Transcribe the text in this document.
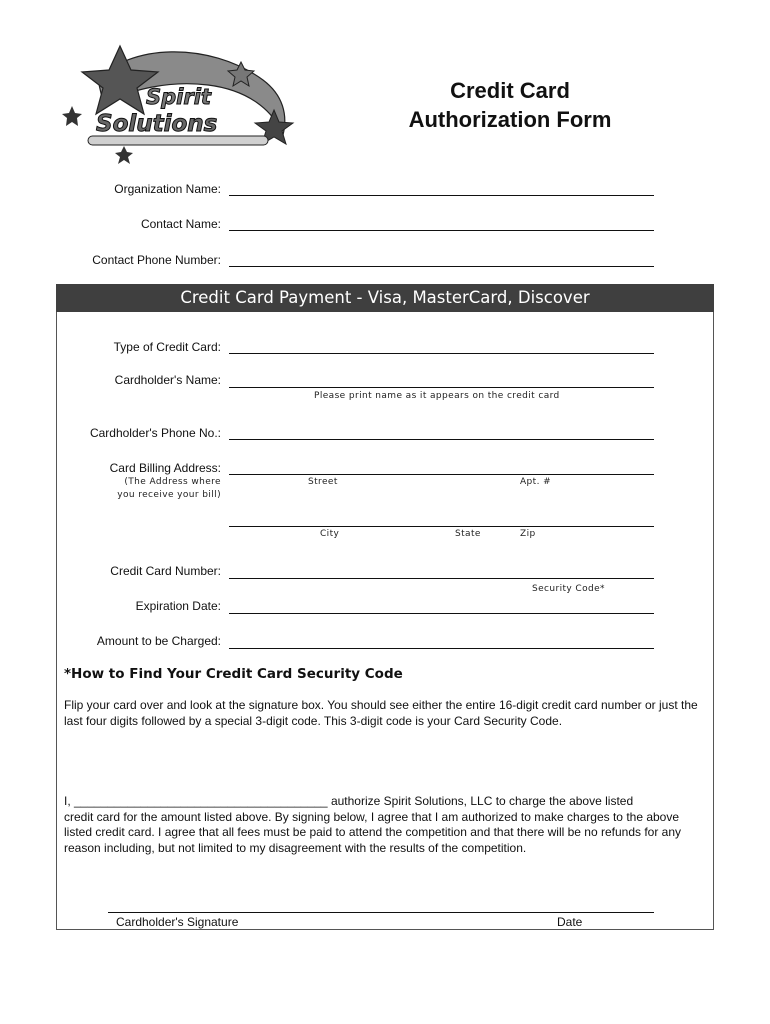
Spirit
Solutions
Credit Card
Authorization Form
Organization Name:
Contact Name:
Contact Phone Number:
Credit Card Payment - Visa, MasterCard, Discover
Type of Credit Card:
Cardholder's Name:
Please print name as it appears on the credit card
Cardholder's Phone No.:
Card Billing Address:
(The Address where
you receive your bill)
Street	Apt. #
City	State	Zip
Credit Card Number:
Security Code*
Expiration Date:
Amount to be Charged:
*How to Find Your Credit Card Security Code

Flip your card over and look at the signature box. You should see either the entire 16-digit credit card number or just the last four digits followed by a special 3-digit code. This 3-digit code is your Card Security Code.

I, ______________________________________ authorize Spirit Solutions, LLC to charge the above listed

credit card for the amount listed above. By signing below, I agree that I am authorized to make charges to the above listed credit card. I agree that all fees must be paid to attend the competition and that there will be no refunds for any reason including, but not limited to my disagreement with the results of the competition.

Cardholder's Signature	Date
